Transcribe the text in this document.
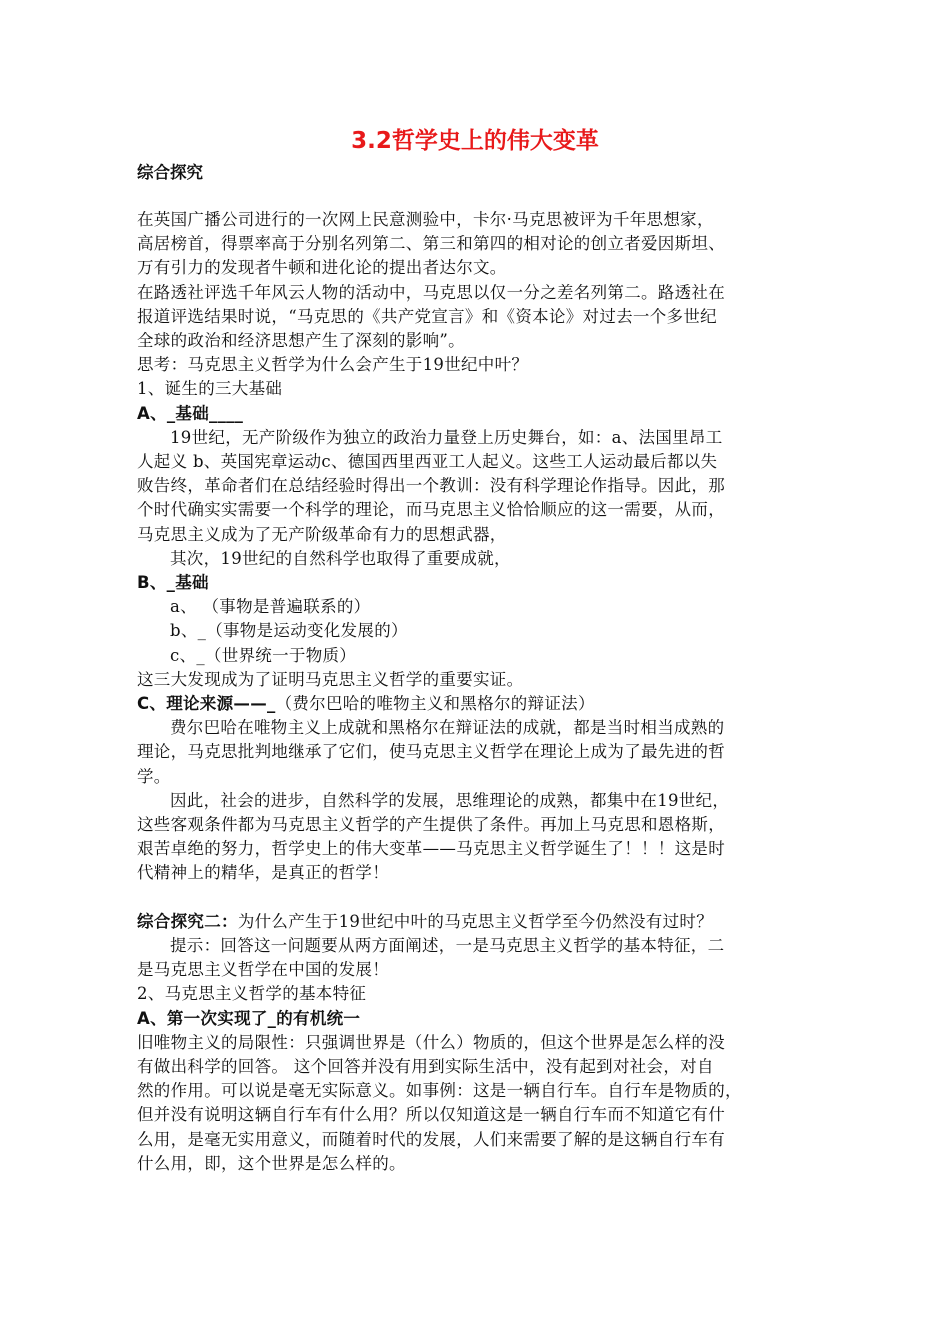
3.2哲学史上的伟大变革
综合探究
在英国广播公司进行的一次网上民意测验中，卡尔·马克思被评为千年思想家，
高居榜首，得票率高于分别名列第二、第三和第四的相对论的创立者爱因斯坦、
万有引力的发现者牛顿和进化论的提出者达尔文。
在路透社评选千年风云人物的活动中，马克思以仅一分之差名列第二。路透社在
报道评选结果时说，“马克思的《共产党宣言》和《资本论》对过去一个多世纪
全球的政治和经济思想产生了深刻的影响”。
思考：马克思主义哲学为什么会产生于19世纪中叶？
1、诞生的三大基础
A、_基础____
19世纪，无产阶级作为独立的政治力量登上历史舞台，如：a、法国里昂工
人起义 b、英国宪章运动c、德国西里西亚工人起义。这些工人运动最后都以失
败告终，革命者们在总结经验时得出一个教训：没有科学理论作指导。因此，那
个时代确实实需要一个科学的理论，而马克思主义恰恰顺应的这一需要，从而，
马克思主义成为了无产阶级革命有力的思想武器，
其次，19世纪的自然科学也取得了重要成就，
B、_基础
a、 （事物是普遍联系的）
b、_（事物是运动变化发展的）
c、_（世界统一于物质）
这三大发现成为了证明马克思主义哲学的重要实证。
C、理论来源——_（费尔巴哈的唯物主义和黑格尔的辩证法）
费尔巴哈在唯物主义上成就和黑格尔在辩证法的成就，都是当时相当成熟的
理论，马克思批判地继承了它们，使马克思主义哲学在理论上成为了最先进的哲
学。
因此，社会的进步，自然科学的发展，思维理论的成熟，都集中在19世纪，
这些客观条件都为马克思主义哲学的产生提供了条件。再加上马克思和恩格斯，
艰苦卓绝的努力，哲学史上的伟大变革——马克思主义哲学诞生了！！！这是时
代精神上的精华，是真正的哲学！
综合探究二：为什么产生于19世纪中叶的马克思主义哲学至今仍然没有过时？
提示：回答这一问题要从两方面阐述，一是马克思主义哲学的基本特征，二
是马克思主义哲学在中国的发展！
2、马克思主义哲学的基本特征
A、第一次实现了_的有机统一
旧唯物主义的局限性：只强调世界是（什么）物质的，但这个世界是怎么样的没
有做出科学的回答。 这个回答并没有用到实际生活中，没有起到对社会，对自
然的作用。可以说是毫无实际意义。如事例：这是一辆自行车。自行车是物质的，
但并没有说明这辆自行车有什么用？所以仅知道这是一辆自行车而不知道它有什
么用，是毫无实用意义，而随着时代的发展，人们来需要了解的是这辆自行车有
什么用，即，这个世界是怎么样的。
